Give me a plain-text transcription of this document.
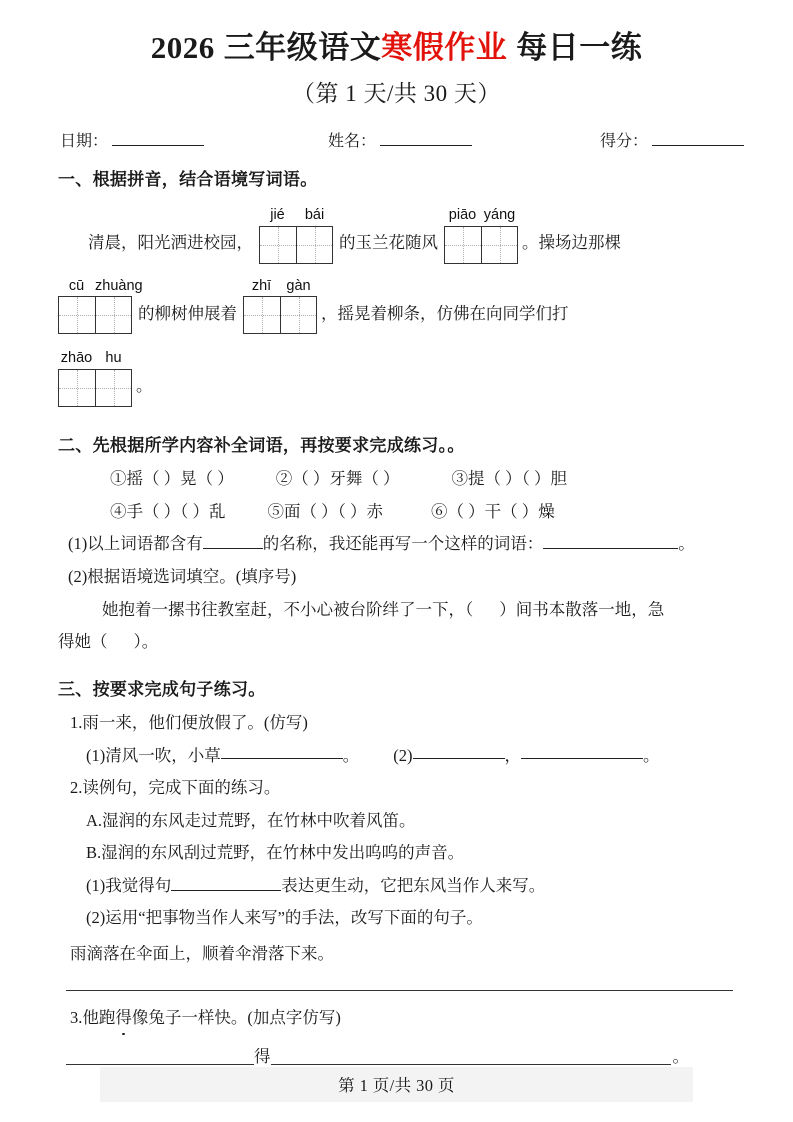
2026 三年级语文寒假作业 每日一练
（第 1 天/共 30 天）
日期：	姓名：	得分：
一、根据拼音，结合语境写词语。
清晨，阳光洒进校园，
jié	bái
的玉兰花随风
piāo yáng
。操场边那棵
cū zhuàng
的柳树伸展着
zhī	gàn
，摇晃着柳条，仿佛在向同学们打
zhāo hu
。
二、先根据所学内容补全词语，再按要求完成练习。。
①摇（ ）晃（ ）	②（ ）牙舞（ ）	③提（ ）（ ）胆
④手（ ）（ ）乱	⑤面（ ）（ ）赤	⑥（ ）干（ ）燥
(1)以上词语都含有	的名称，我还能再写一个这样的词语：	。
(2)根据语境选词填空。(填序号)
她抱着一摞书往教室赶，不小心被台阶绊了一下，（ ）间书本散落一地，急
得她（ ）。
三、按要求完成句子练习。
1.雨一来，他们便放假了。(仿写)
(1)清风一吹，小草	。 (2)	，	。
2.读例句，完成下面的练习。
A.湿润的东风走过荒野，在竹林中吹着风笛。
B.湿润的东风刮过荒野，在竹林中发出呜呜的声音。
(1)我觉得句	表达更生动，它把东风当作人来写。
(2)运用“把事物当作人来写”的手法，改写下面的句子。
雨滴落在伞面上，顺着伞滑落下来。
3.他跑得像兔子一样快。(加点字仿写)
得	。
第 1 页/共 30 页
